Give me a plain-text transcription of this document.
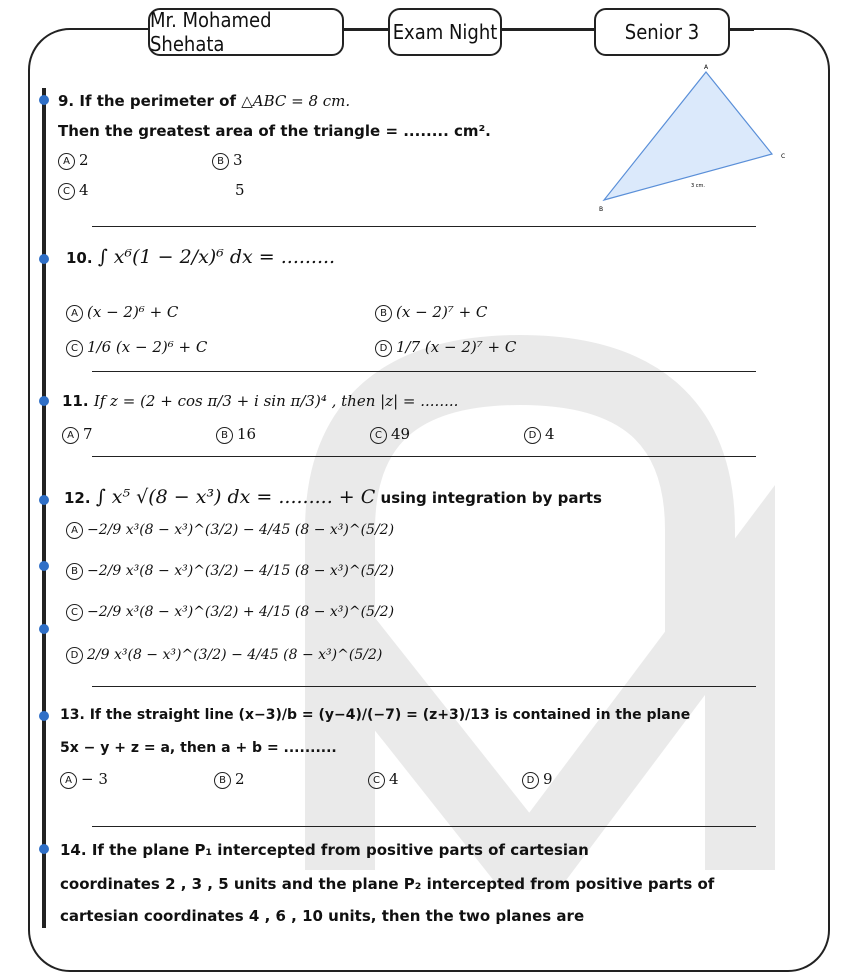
Mr. Mohamed Shehata	Exam Night	Senior 3
9. If the perimeter of △ABC = 8 cm.
Then the greatest area of the triangle = ........ cm².
A 2	B 3
C 4	5
A
C
B
3 cm.
10. ∫ x⁶(1 − 2/x)⁶ dx = .........
A (x − 2)⁶ + C	B (x − 2)⁷ + C
C 1/6 (x − 2)⁶ + C	D 1/7 (x − 2)⁷ + C
11. If z = (2 + cos π/3 + i sin π/3)⁴ , then |z| = ........
A 7	B 16	C 49	D 4
12. ∫ x⁵ √(8 − x³) dx = ......... + C using integration by parts
A −2/9 x³(8 − x³)^(3/2) − 4/45 (8 − x³)^(5/2)
B −2/9 x³(8 − x³)^(3/2) − 4/15 (8 − x³)^(5/2)
C −2/9 x³(8 − x³)^(3/2) + 4/15 (8 − x³)^(5/2)
D 2/9 x³(8 − x³)^(3/2) − 4/45 (8 − x³)^(5/2)
13. If the straight line (x−3)/b = (y−4)/(−7) = (z+3)/13 is contained in the plane
5x − y + z = a, then a + b = ..........
A − 3	B 2	C 4	D 9
14. If the plane P₁ intercepted from positive parts of cartesian
coordinates 2 , 3 , 5 units and the plane P₂ intercepted from positive parts of
cartesian coordinates 4 , 6 , 10 units, then the two planes are
